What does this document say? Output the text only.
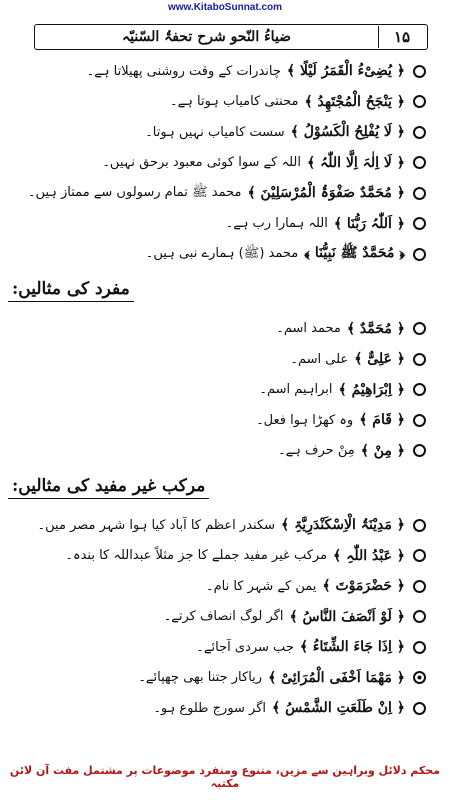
www.KitaboSunnat.com
۱۵
ضیاءُ النّحو شرح تحفۃُ السّنیّہ
﴿ یُضِیْءُ الْقَمَرُ لَیْلًا ﴾
چاندرات کے وقت روشنی پھیلاتا ہے۔
﴿ یَنْجَحُ الْمُجْتَھِدُ ﴾
محنتی کامیاب ہوتا ہے۔
﴿ لَا یُفْلِحُ الْکَسُوْلُ ﴾
سست کامیاب نہیں ہوتا۔
﴿ لَا اِلٰہَ اِلَّا اللّٰہُ ﴾
اللہ کے سوا کوئی معبود برحق نہیں۔
﴿ مُحَمَّدٌ صَفْوَۃُ الْمُرْسَلِیْنَ ﴾
محمد ﷺ تمام رسولوں سے ممتاز ہیں۔
﴿ اَللّٰہُ رَبُّنَا ﴾
اللہ ہمارا رب ہے۔
﴿ مُحَمَّدٌ ﷺ نَبِیُّنَا ﴾
محمد (ﷺ) ہمارے نبی ہیں۔
مفرد کی مثالیں:
﴿ مُحَمَّدٌ ﴾
محمد اسم۔
﴿ عَلِیٌّ ﴾
علی اسم۔
﴿ اِبْرَاھِیْمُ ﴾
ابراہیم اسم۔
﴿ قَامَ ﴾
وہ کھڑا ہوا فعل۔
﴿ مِنْ ﴾
مِنْ حرف ہے۔
مرکب غیر مفید کی مثالیں:
﴿ مَدِیْنَۃُ الْاِسْکَنْدَرِیَّۃِ ﴾
سکندر اعظم کا آباد کیا ہوا شہر مصر میں۔
﴿ عَبْدُ اللّٰہِ ﴾
مرکب غیر مفید جملے کا جز مثلاً عبداللہ کا بندہ۔
﴿ حَضْرَمَوْتَ ﴾
یمن کے شہر کا نام۔
﴿ لَوْ اَنْصَفَ النَّاسُ ﴾
اگر لوگ انصاف کرتے۔
﴿ اِذَا جَاءَ الشِّتَاءُ ﴾
جب سردی آجائے۔
﴿ مَھْمَا اَخْفَی الْمُرَائِیْ ﴾
ریاکار جتنا بھی چھپائے۔
﴿ اِنْ طَلَعَتِ الشَّمْسُ ﴾
اگر سورج طلوع ہو۔
محکم دلائل وبراہین سے مزین، متنوع ومنفرد موضوعات پر مشتمل مفت آن لائن مکتبہ
